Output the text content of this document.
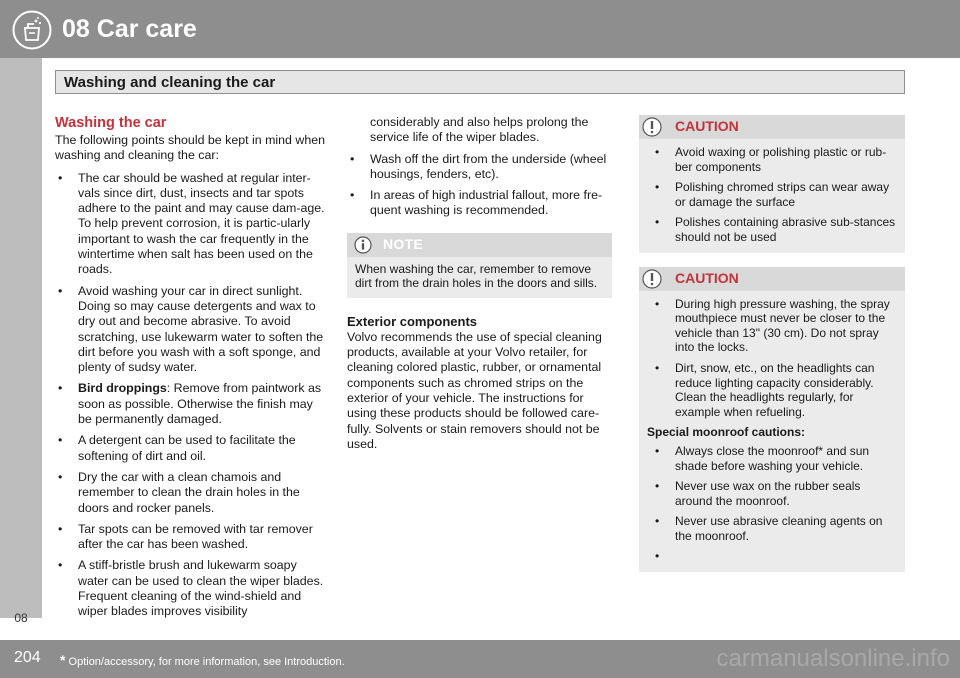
08 Car care
Washing and cleaning the car
08
Washing the car

The following points should be kept in mind when washing and cleaning the car:

• The car should be washed at regular inter-vals since dirt, dust, insects and tar spots adhere to the paint and may cause dam-age. To help prevent corrosion, it is partic-ularly important to wash the car frequently in the wintertime when salt has been used on the roads.
• Avoid washing your car in direct sunlight. Doing so may cause detergents and wax to dry out and become abrasive. To avoid scratching, use lukewarm water to soften the dirt before you wash with a soft sponge, and plenty of sudsy water.
• Bird droppings: Remove from paintwork as soon as possible. Otherwise the finish may be permanently damaged.
• A detergent can be used to facilitate the softening of dirt and oil.
• Dry the car with a clean chamois and remember to clean the drain holes in the doors and rocker panels.
• Tar spots can be removed with tar remover after the car has been washed.
• A stiff-bristle brush and lukewarm soapy water can be used to clean the wiper blades. Frequent cleaning of the wind-shield and wiper blades improves visibility

considerably and also helps prolong the service life of the wiper blades.

• Wash off the dirt from the underside (wheel housings, fenders, etc).
• In areas of high industrial fallout, more fre-quent washing is recommended.
NOTE
When washing the car, remember to remove dirt from the drain holes in the doors and sills.
Exterior components

Volvo recommends the use of special cleaning products, available at your Volvo retailer, for cleaning colored plastic, rubber, or ornamental components such as chromed strips on the exterior of your vehicle. The instructions for using these products should be followed care-fully. Solvents or stain removers should not be used.

CAUTION
• Avoid waxing or polishing plastic or rub-ber components
• Polishing chromed strips can wear away or damage the surface
• Polishes containing abrasive sub-stances should not be used
CAUTION
• During high pressure washing, the spray mouthpiece must never be closer to the vehicle than 13" (30 cm). Do not spray into the locks.
• Dirt, snow, etc., on the headlights can reduce lighting capacity considerably. Clean the headlights regularly, for example when refueling.
Special moonroof cautions:
• Always close the moonroof* and sun shade before washing your vehicle.
• Never use wax on the rubber seals around the moonroof.
• Never use abrasive cleaning agents on the moonroof.
•
204 * Option/accessory, for more information, see Introduction.	carmanualsonline.info
